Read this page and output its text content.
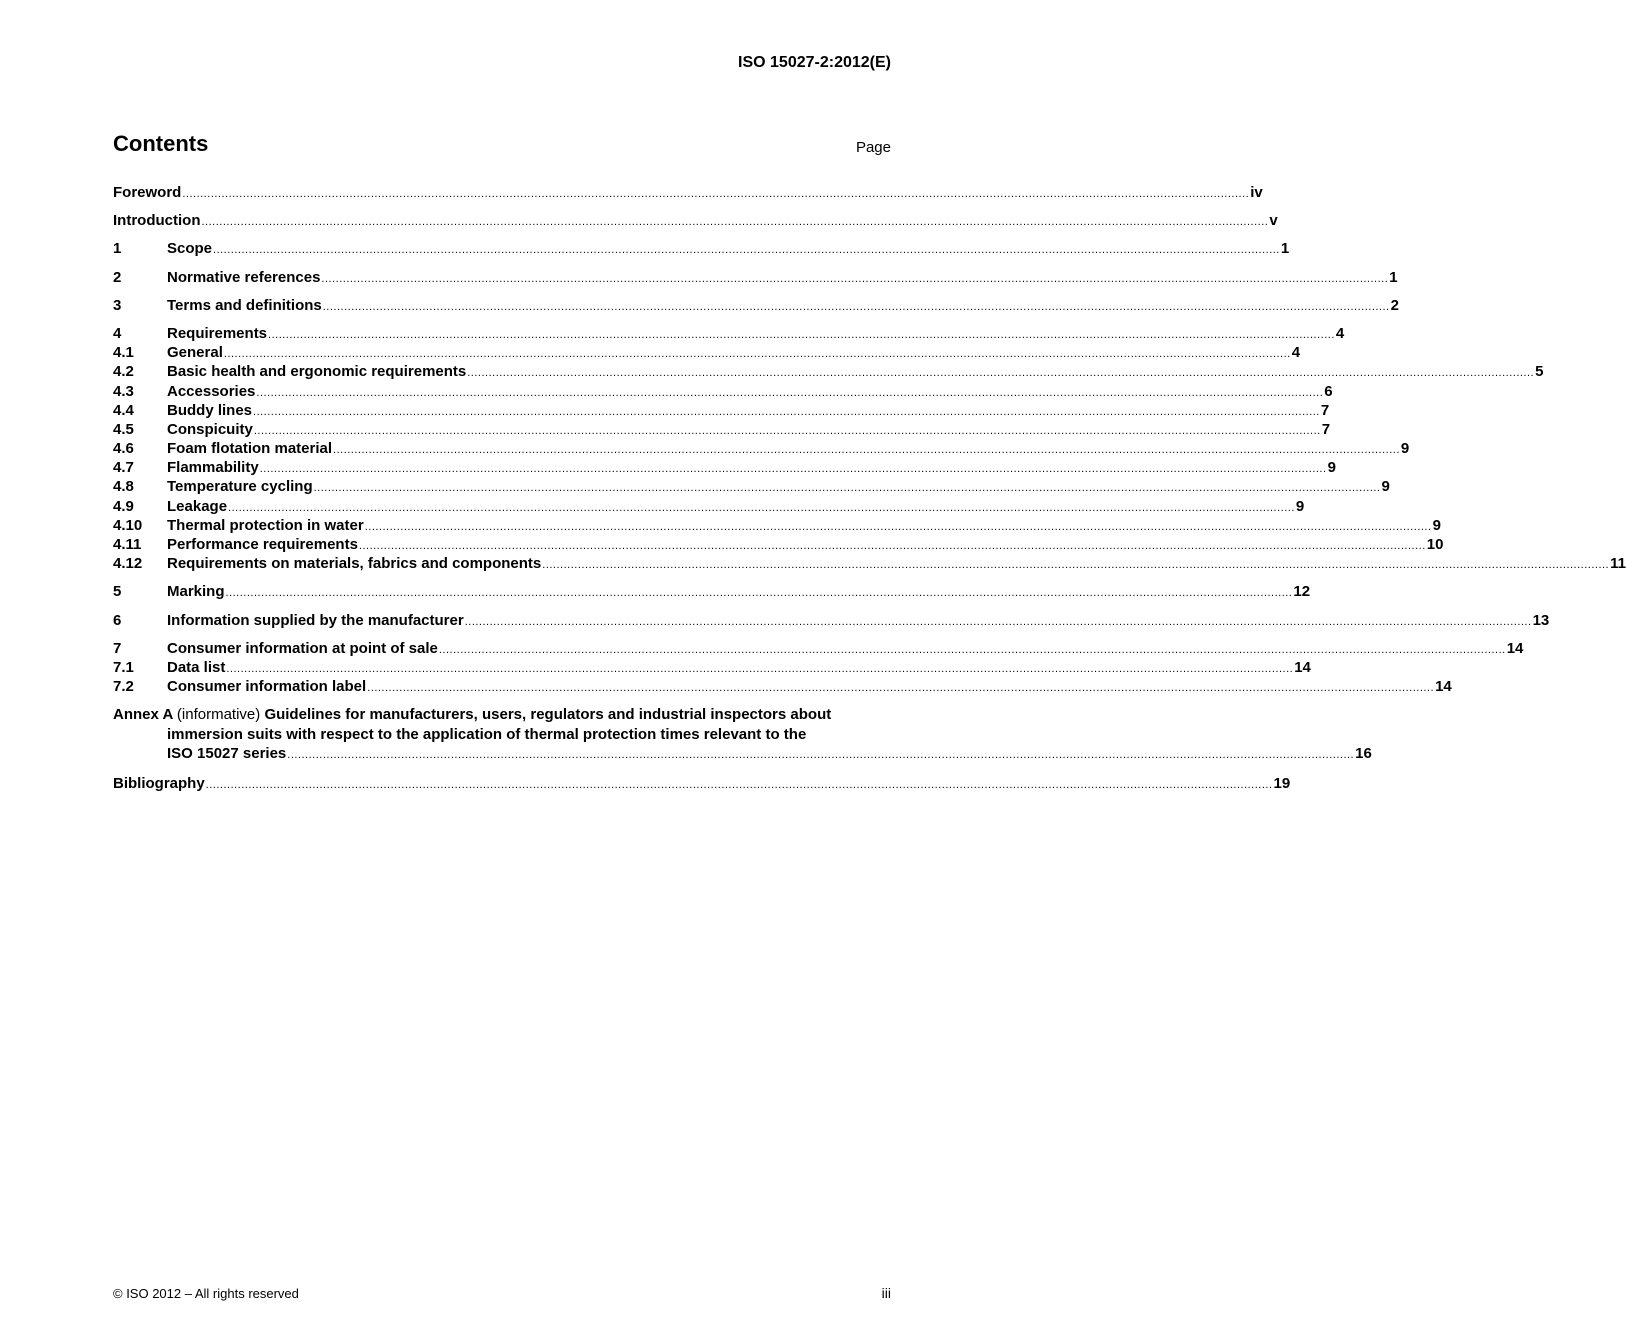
ISO 15027-2:2012(E)
Contents	Page
Foreword ............................................................................................................................................................................................................................................................................................................ iv
Introduction ............................................................................................................................................................................................................................................................................................................ v
1	Scope ............................................................................................................................................................................................................................................................................................................ 1
2	Normative references ............................................................................................................................................................................................................................................................................................................ 1
3	Terms and definitions ............................................................................................................................................................................................................................................................................................................ 2
4	Requirements ............................................................................................................................................................................................................................................................................................................ 4
4.1	General ............................................................................................................................................................................................................................................................................................................ 4
4.2	Basic health and ergonomic requirements ............................................................................................................................................................................................................................................................................................................ 5
4.3	Accessories ............................................................................................................................................................................................................................................................................................................ 6
4.4	Buddy lines ............................................................................................................................................................................................................................................................................................................ 7
4.5	Conspicuity ............................................................................................................................................................................................................................................................................................................ 7
4.6	Foam flotation material ............................................................................................................................................................................................................................................................................................................ 9
4.7	Flammability ............................................................................................................................................................................................................................................................................................................ 9
4.8	Temperature cycling ............................................................................................................................................................................................................................................................................................................ 9
4.9	Leakage ............................................................................................................................................................................................................................................................................................................ 9
4.10	Thermal protection in water ............................................................................................................................................................................................................................................................................................................ 9
4.11	Performance requirements ............................................................................................................................................................................................................................................................................................................ 10
4.12	Requirements on materials, fabrics and components ............................................................................................................................................................................................................................................................................................................ 11
5	Marking ............................................................................................................................................................................................................................................................................................................ 12
6	Information supplied by the manufacturer ............................................................................................................................................................................................................................................................................................................ 13
7	Consumer information at point of sale ............................................................................................................................................................................................................................................................................................................ 14
7.1	Data list ............................................................................................................................................................................................................................................................................................................ 14
7.2	Consumer information label ............................................................................................................................................................................................................................................................................................................ 14
Annex A (informative) Guidelines for manufacturers, users, regulators and industrial inspectors about
immersion suits with respect to the application of thermal protection times relevant to the
ISO 15027 series ............................................................................................................................................................................................................................................................................................................ 16
Bibliography ............................................................................................................................................................................................................................................................................................................ 19
© ISO 2012 – All rights reserved	iii
